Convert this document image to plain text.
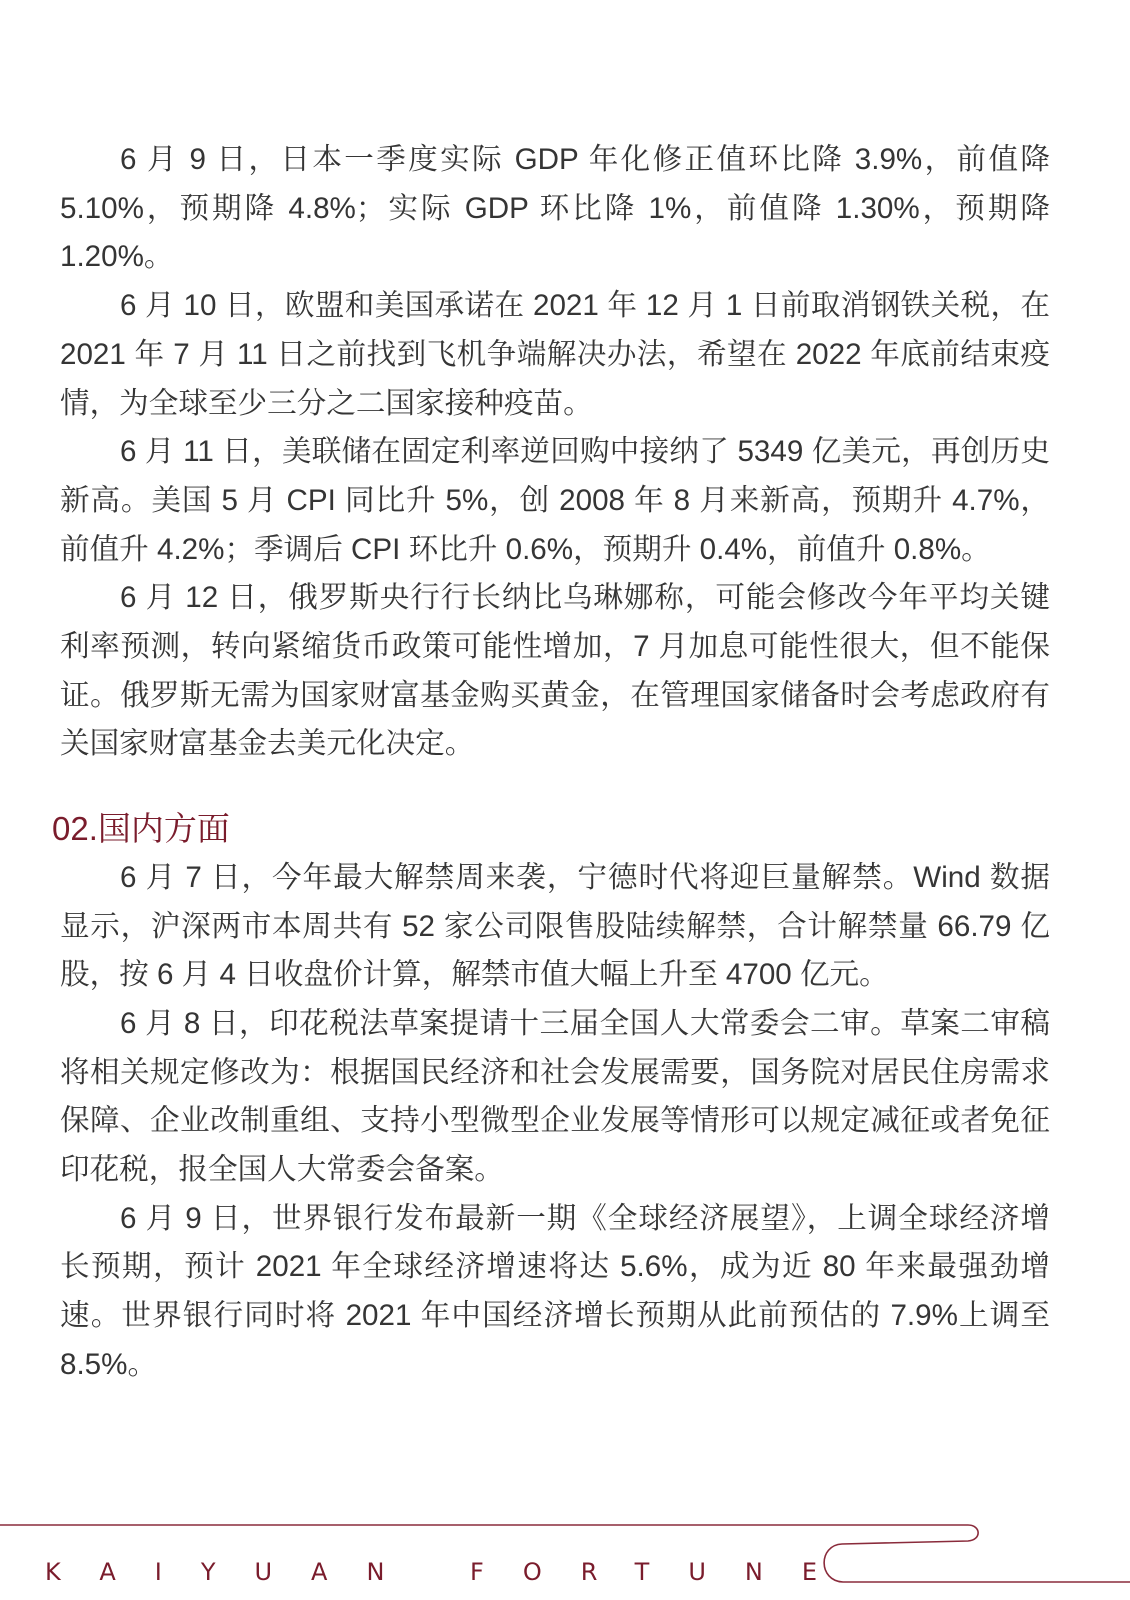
6 月 9 日，日本一季度实际 GDP 年化修正值环比降 3.9%，前值降 5.10%，预期降 4.8%；实际 GDP 环比降 1%，前值降 1.30%，预期降 1.20%。

6 月 10 日，欧盟和美国承诺在 2021 年 12 月 1 日前取消钢铁关税，在 2021 年 7 月 11 日之前找到飞机争端解决办法，希望在 2022 年底前结束疫情，为全球至少三分之二国家接种疫苗。

6 月 11 日，美联储在固定利率逆回购中接纳了 5349 亿美元，再创历史新高。美国 5 月 CPI 同比升 5%，创 2008 年 8 月来新高，预期升 4.7%，前值升 4.2%；季调后 CPI 环比升 0.6%，预期升 0.4%，前值升 0.8%。

6 月 12 日，俄罗斯央行行长纳比乌琳娜称，可能会修改今年平均关键利率预测，转向紧缩货币政策可能性增加，7 月加息可能性很大，但不能保证。俄罗斯无需为国家财富基金购买黄金，在管理国家储备时会考虑政府有关国家财富基金去美元化决定。

02.国内方面

6 月 7 日，今年最大解禁周来袭，宁德时代将迎巨量解禁。Wind 数据显示，沪深两市本周共有 52 家公司限售股陆续解禁，合计解禁量 66.79 亿股，按 6 月 4 日收盘价计算，解禁市值大幅上升至 4700 亿元。

6 月 8 日，印花税法草案提请十三届全国人大常委会二审。草案二审稿将相关规定修改为：根据国民经济和社会发展需要，国务院对居民住房需求保障、企业改制重组、支持小型微型企业发展等情形可以规定减征或者免征印花税，报全国人大常委会备案。

6 月 9 日，世界银行发布最新一期《全球经济展望》，上调全球经济增长预期，预计 2021 年全球经济增速将达 5.6%，成为近 80 年来最强劲增速。世界银行同时将 2021 年中国经济增长预期从此前预估的 7.9%上调至 8.5%。

KAIYUAN FORTUNE
